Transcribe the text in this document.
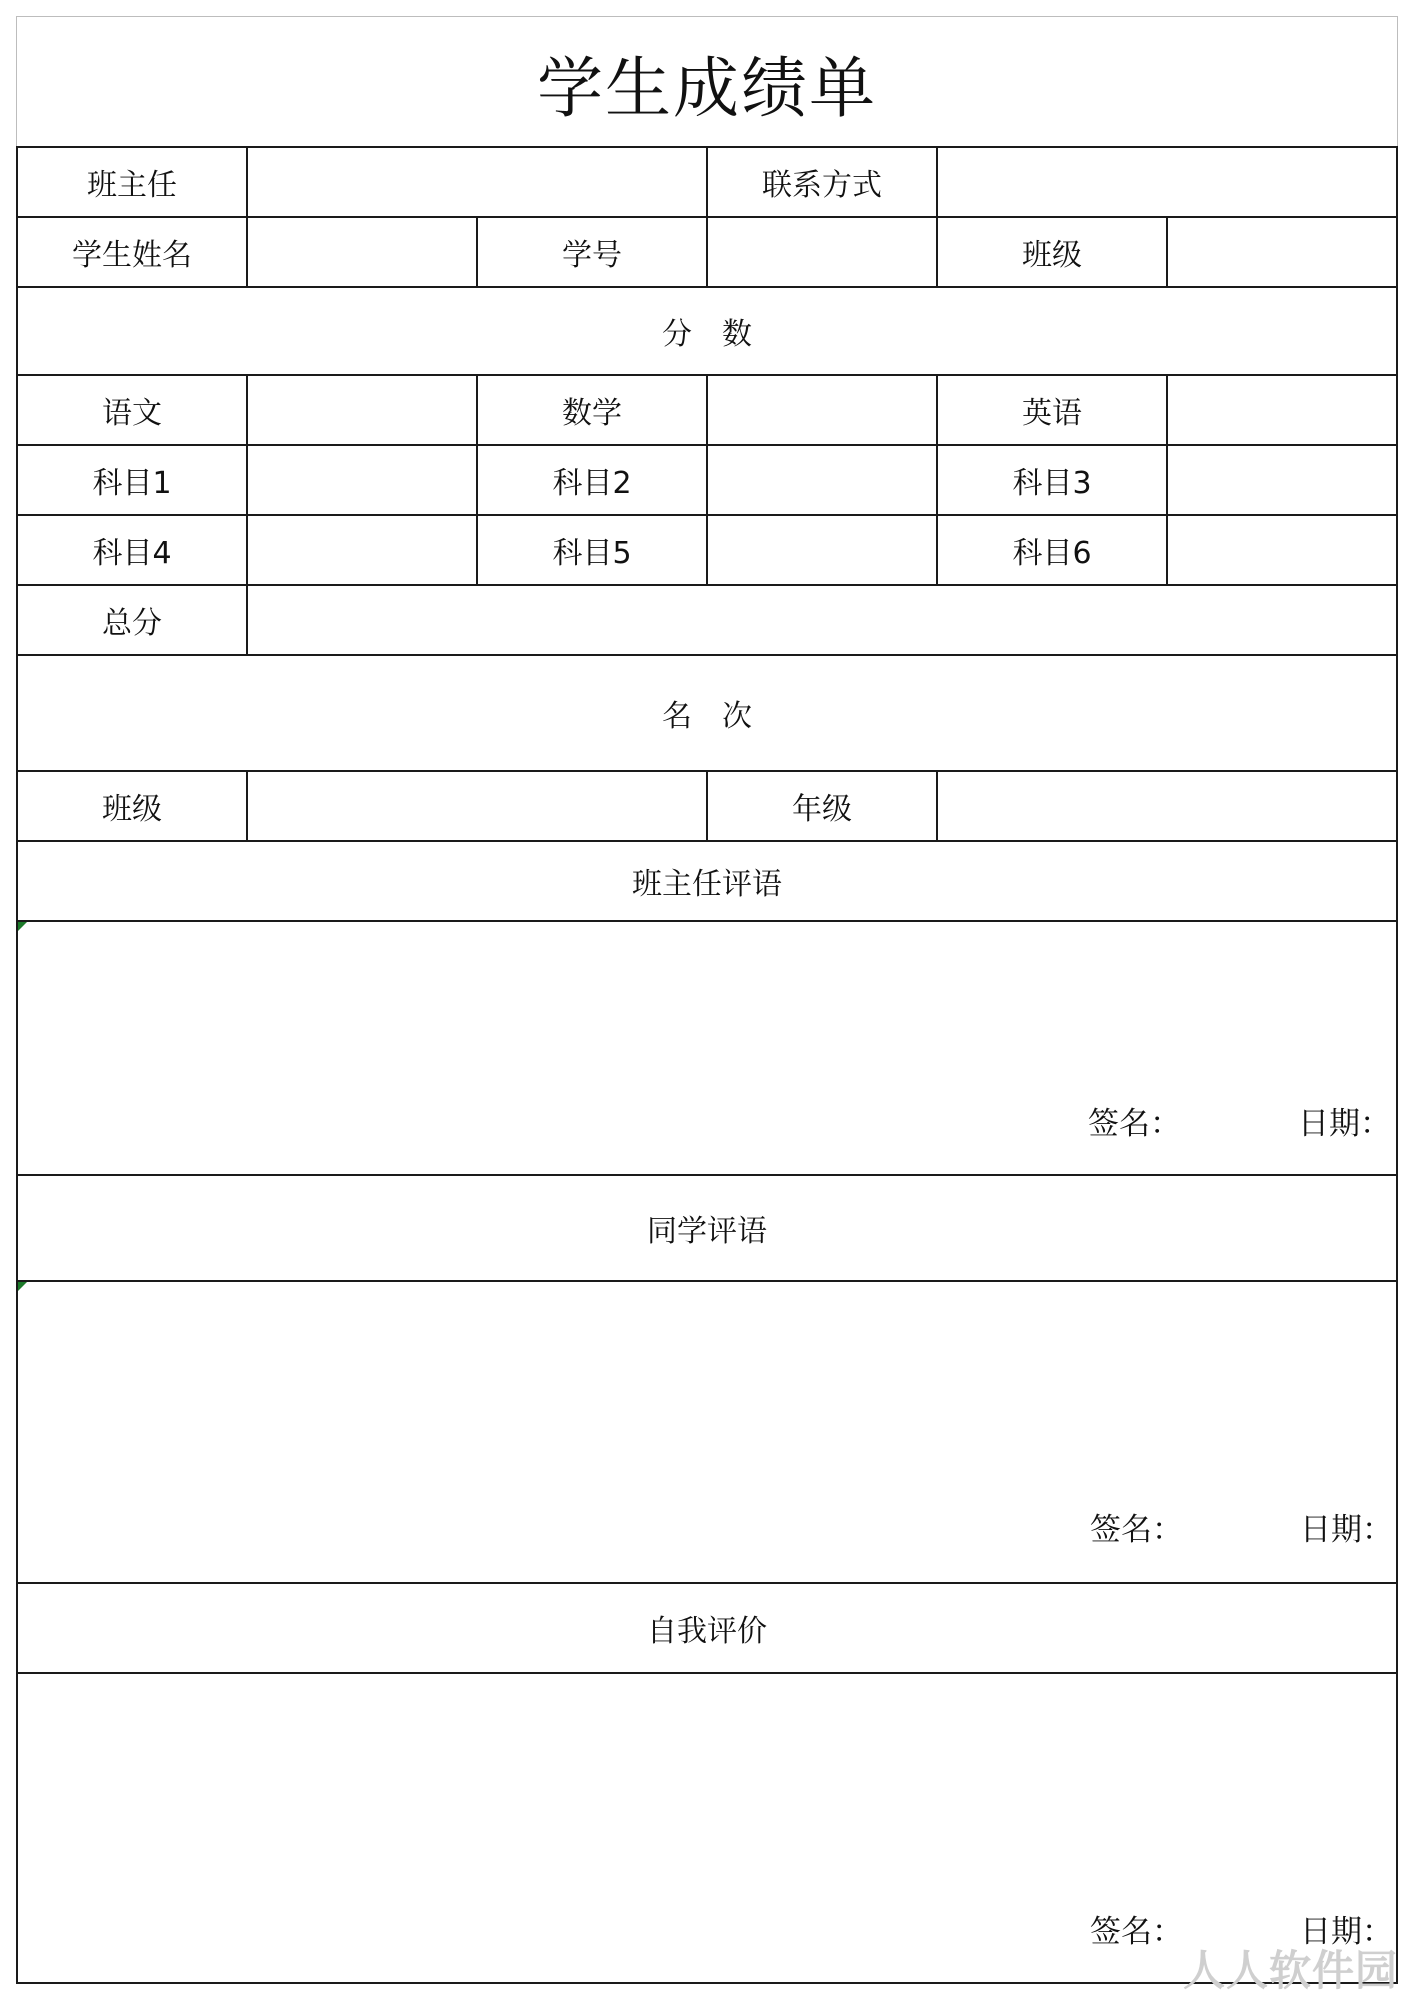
学生成绩单
班主任	联系方式
学生姓名	学号	班级
分　数
语文	数学	英语
科目1	科目2	科目3
科目4	科目5	科目6
总分
名　次
班级	年级
班主任评语
签名：	日期：
同学评语
签名：	日期：
自我评价
签名：	日期：
人人软件园
